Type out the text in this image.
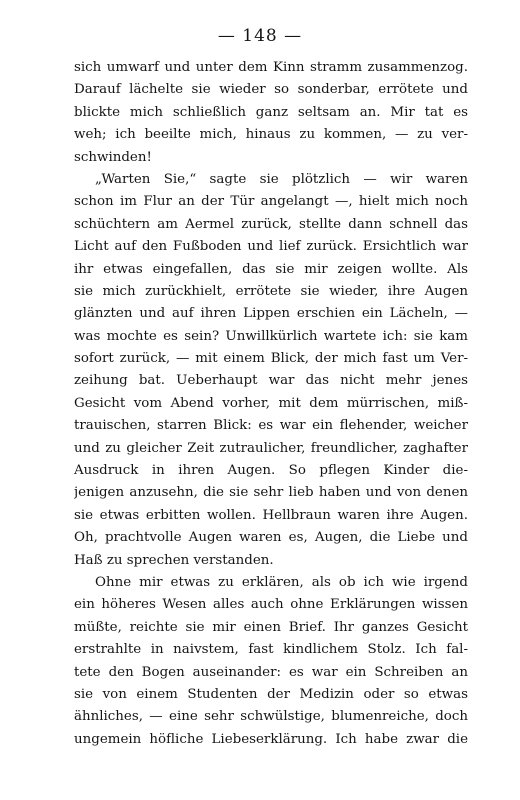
— 148 —
sich umwarf und unter dem Kinn stramm zusammenzog.
Darauf lächelte sie wieder so sonderbar, errötete und
blickte mich schließlich ganz seltsam an. Mir tat es
weh; ich beeilte mich, hinaus zu kommen, — zu ver-
schwinden!
„Warten Sie,“ sagte sie plötzlich — wir waren
schon im Flur an der Tür angelangt —, hielt mich noch
schüchtern am Aermel zurück, stellte dann schnell das
Licht auf den Fußboden und lief zurück. Ersichtlich war
ihr etwas eingefallen, das sie mir zeigen wollte. Als
sie mich zurückhielt, errötete sie wieder, ihre Augen
glänzten und auf ihren Lippen erschien ein Lächeln, —
was mochte es sein? Unwillkürlich wartete ich: sie kam
sofort zurück, — mit einem Blick, der mich fast um Ver-
zeihung bat. Ueberhaupt war das nicht mehr jenes
Gesicht vom Abend vorher, mit dem mürrischen, miß-
trauischen, starren Blick: es war ein flehender, weicher
und zu gleicher Zeit zutraulicher, freundlicher, zaghafter
Ausdruck in ihren Augen. So pflegen Kinder die-
jenigen anzusehn, die sie sehr lieb haben und von denen
sie etwas erbitten wollen. Hellbraun waren ihre Augen.
Oh, prachtvolle Augen waren es, Augen, die Liebe und
Haß zu sprechen verstanden.
Ohne mir etwas zu erklären, als ob ich wie irgend
ein höheres Wesen alles auch ohne Erklärungen wissen
müßte, reichte sie mir einen Brief. Ihr ganzes Gesicht
erstrahlte in naivstem, fast kindlichem Stolz. Ich fal-
tete den Bogen auseinander: es war ein Schreiben an
sie von einem Studenten der Medizin oder so etwas
ähnliches, — eine sehr schwülstige, blumenreiche, doch
ungemein höfliche Liebeserklärung. Ich habe zwar die
